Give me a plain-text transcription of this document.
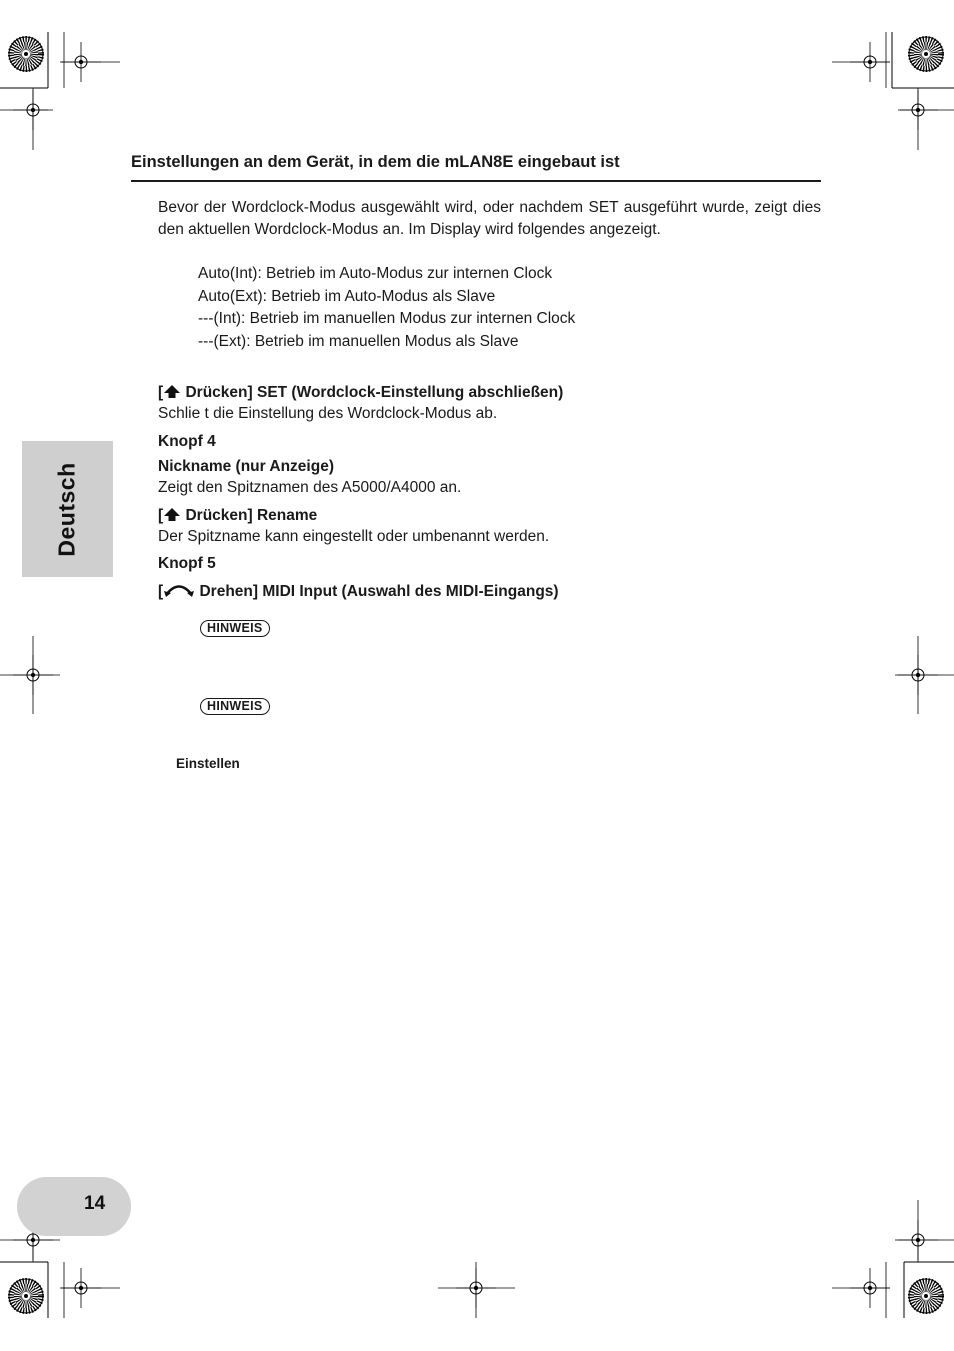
Deutsch
Einstellungen an dem Gerät, in dem die mLAN8E eingebaut ist
Bevor der Wordclock-Modus ausgewählt wird, oder nachdem SET ausgeführt wurde, zeigt dies den aktuellen Wordclock-Modus an. Im Display wird folgendes angezeigt.
Auto(Int): Betrieb im Auto-Modus zur internen Clock
Auto(Ext): Betrieb im Auto-Modus als Slave
---(Int): Betrieb im manuellen Modus zur internen Clock
---(Ext): Betrieb im manuellen Modus als Slave
[ Drücken] SET (Wordclock-Einstellung abschließen)
Schlie t die Einstellung des Wordclock-Modus ab.
Knopf 4
Nickname (nur Anzeige)
Zeigt den Spitznamen des A5000/A4000 an.
[ Drücken] Rename
Der Spitzname kann eingestellt oder umbenannt werden.
Knopf 5
[ Drehen] MIDI Input (Auswahl des MIDI-Eingangs)
HINWEIS
HINWEIS
Einstellen
14
